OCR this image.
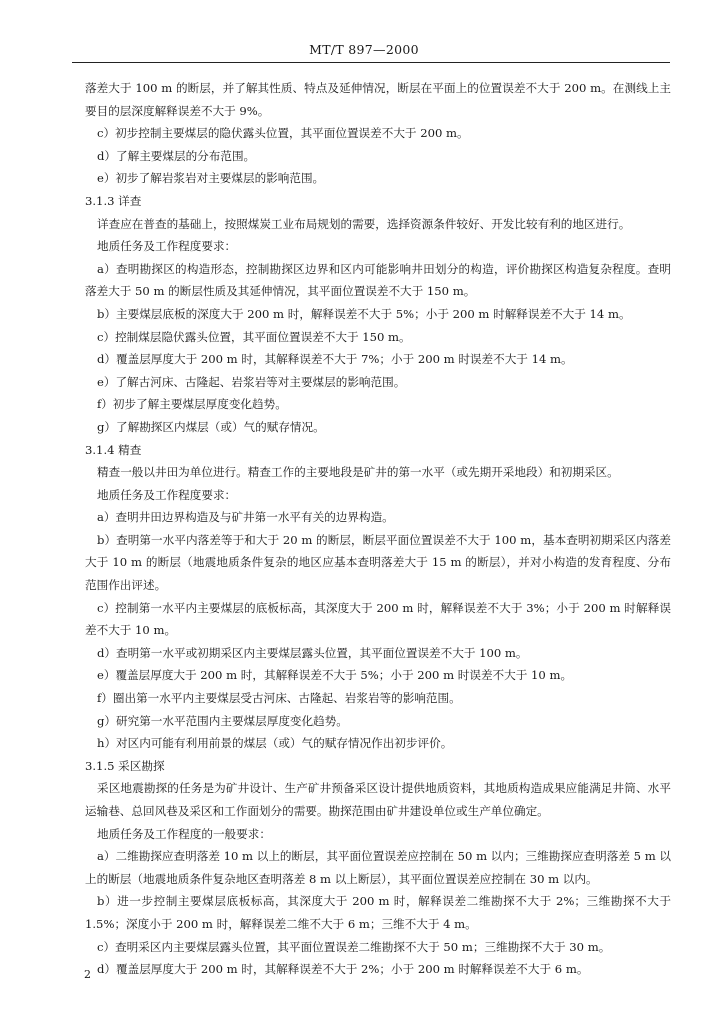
MT/T 897—2000

落差大于 100 m 的断层，并了解其性质、特点及延伸情况，断层在平面上的位置误差不大于 200 m。在测线上主要目的层深度解释误差不大于 9%。

c）初步控制主要煤层的隐伏露头位置，其平面位置误差不大于 200 m。

d）了解主要煤层的分布范围。

e）初步了解岩浆岩对主要煤层的影响范围。

3.1.3 详查

详查应在普查的基础上，按照煤炭工业布局规划的需要，选择资源条件较好、开发比较有利的地区进行。

地质任务及工作程度要求：

a）查明勘探区的构造形态，控制勘探区边界和区内可能影响井田划分的构造，评价勘探区构造复杂程度。查明落差大于 50 m 的断层性质及其延伸情况，其平面位置误差不大于 150 m。

b）主要煤层底板的深度大于 200 m 时，解释误差不大于 5%；小于 200 m 时解释误差不大于 14 m。

c）控制煤层隐伏露头位置，其平面位置误差不大于 150 m。

d）覆盖层厚度大于 200 m 时，其解释误差不大于 7%；小于 200 m 时误差不大于 14 m。

e）了解古河床、古隆起、岩浆岩等对主要煤层的影响范围。

f）初步了解主要煤层厚度变化趋势。

g）了解勘探区内煤层（或）气的赋存情况。

3.1.4 精查

精查一般以井田为单位进行。精查工作的主要地段是矿井的第一水平（或先期开采地段）和初期采区。

地质任务及工作程度要求：

a）查明井田边界构造及与矿井第一水平有关的边界构造。

b）查明第一水平内落差等于和大于 20 m 的断层，断层平面位置误差不大于 100 m，基本查明初期采区内落差大于 10 m 的断层（地震地质条件复杂的地区应基本查明落差大于 15 m 的断层），并对小构造的发育程度、分布范围作出评述。

c）控制第一水平内主要煤层的底板标高，其深度大于 200 m 时，解释误差不大于 3%；小于 200 m 时解释误差不大于 10 m。

d）查明第一水平或初期采区内主要煤层露头位置，其平面位置误差不大于 100 m。

e）覆盖层厚度大于 200 m 时，其解释误差不大于 5%；小于 200 m 时误差不大于 10 m。

f）圈出第一水平内主要煤层受古河床、古隆起、岩浆岩等的影响范围。

g）研究第一水平范围内主要煤层厚度变化趋势。

h）对区内可能有利用前景的煤层（或）气的赋存情况作出初步评价。

3.1.5 采区勘探

采区地震勘探的任务是为矿井设计、生产矿井预备采区设计提供地质资料，其地质构造成果应能满足井筒、水平运输巷、总回风巷及采区和工作面划分的需要。勘探范围由矿井建设单位或生产单位确定。

地质任务及工作程度的一般要求：

a）二维勘探应查明落差 10 m 以上的断层，其平面位置误差应控制在 50 m 以内；三维勘探应查明落差 5 m 以上的断层（地震地质条件复杂地区查明落差 8 m 以上断层），其平面位置误差应控制在 30 m 以内。

b）进一步控制主要煤层底板标高，其深度大于 200 m 时，解释误差二维勘探不大于 2%；三维勘探不大于 1.5%；深度小于 200 m 时，解释误差二维不大于 6 m；三维不大于 4 m。

c）查明采区内主要煤层露头位置，其平面位置误差二维勘探不大于 50 m；三维勘探不大于 30 m。

d）覆盖层厚度大于 200 m 时，其解释误差不大于 2%；小于 200 m 时解释误差不大于 6 m。

2
